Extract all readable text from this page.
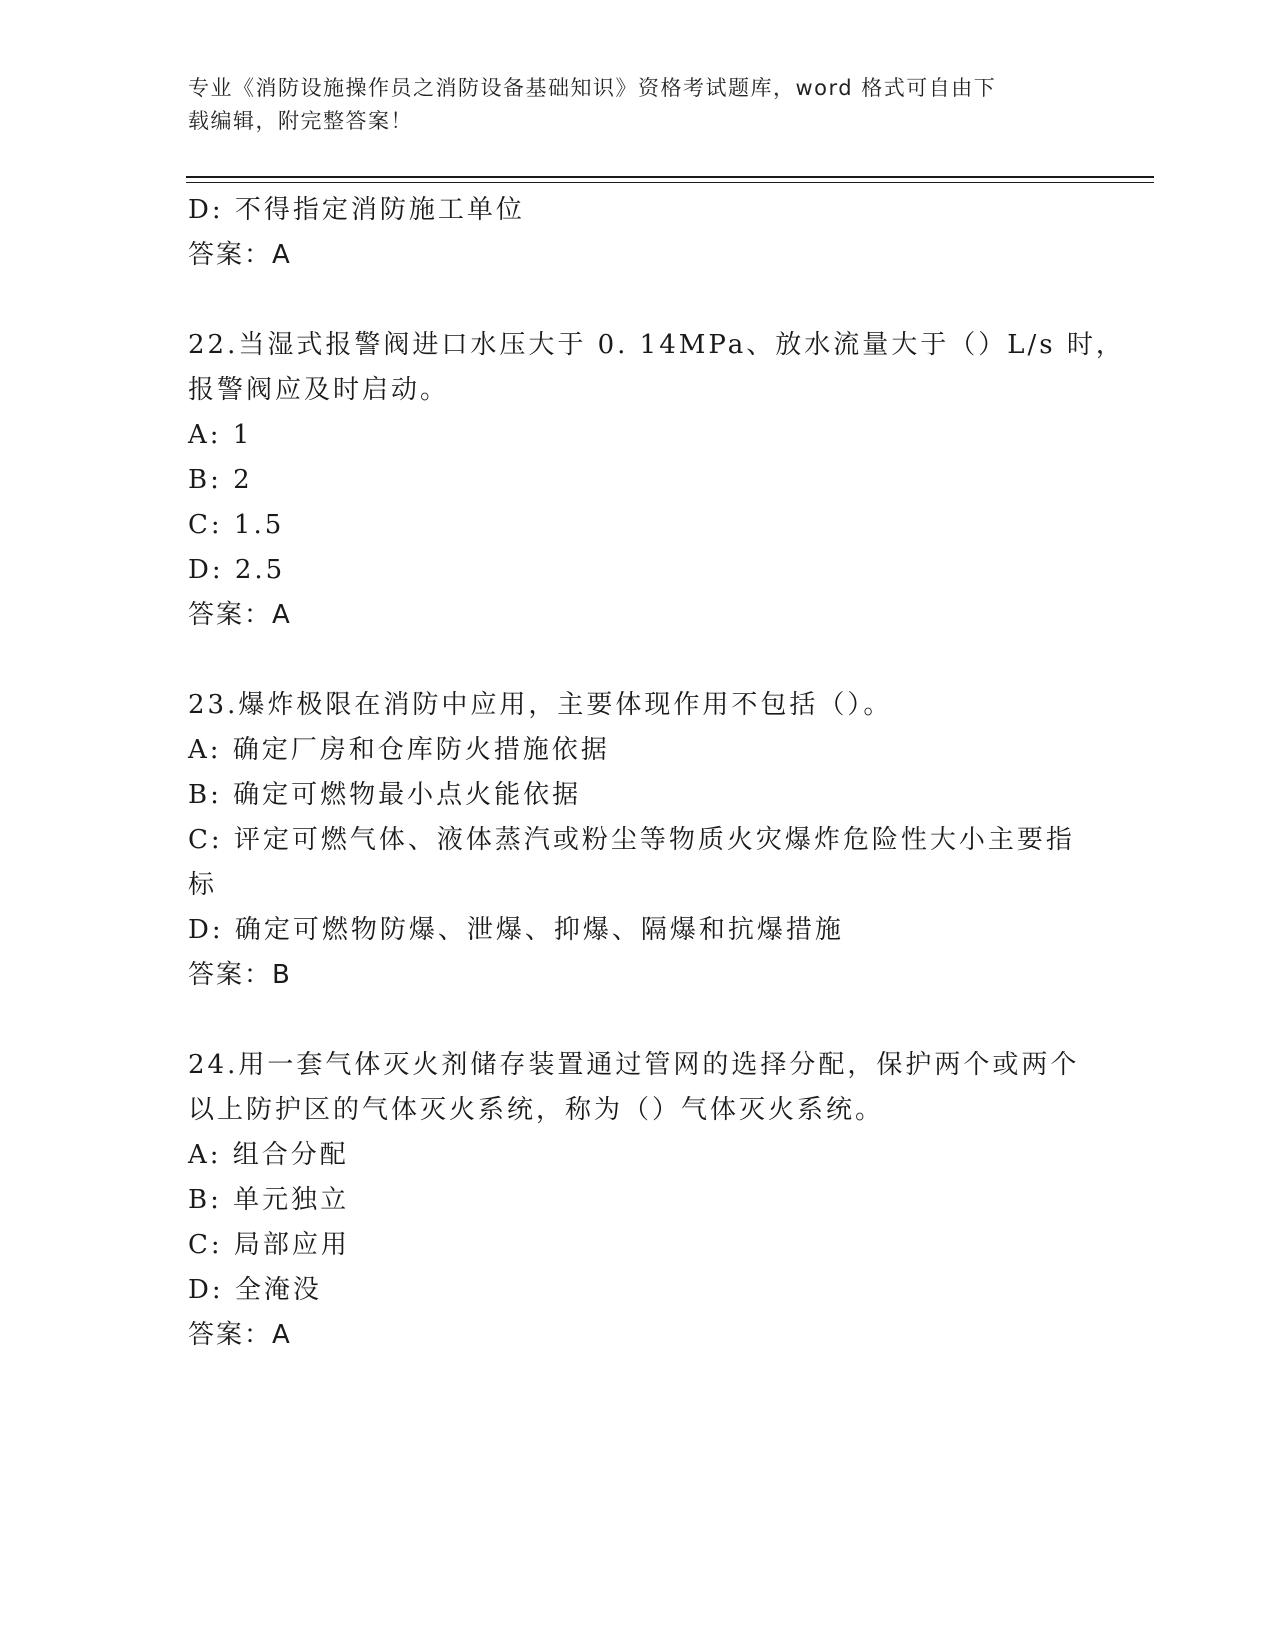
专业《消防设施操作员之消防设备基础知识》资格考试题库，word 格式可自由下
载编辑，附完整答案！
D: 不得指定消防施工单位
答案：A
22.当湿式报警阀进口水压大于 0. 14MPa、放水流量大于（）L/s 时，
报警阀应及时启动。
A: 1
B: 2
C: 1.5
D: 2.5
答案：A
23.爆炸极限在消防中应用，主要体现作用不包括（）。
A: 确定厂房和仓库防火措施依据
B: 确定可燃物最小点火能依据
C: 评定可燃气体、液体蒸汽或粉尘等物质火灾爆炸危险性大小主要指
标
D: 确定可燃物防爆、泄爆、抑爆、隔爆和抗爆措施
答案：B
24.用一套气体灭火剂储存装置通过管网的选择分配，保护两个或两个
以上防护区的气体灭火系统，称为（）气体灭火系统。
A: 组合分配
B: 单元独立
C: 局部应用
D: 全淹没
答案：A
